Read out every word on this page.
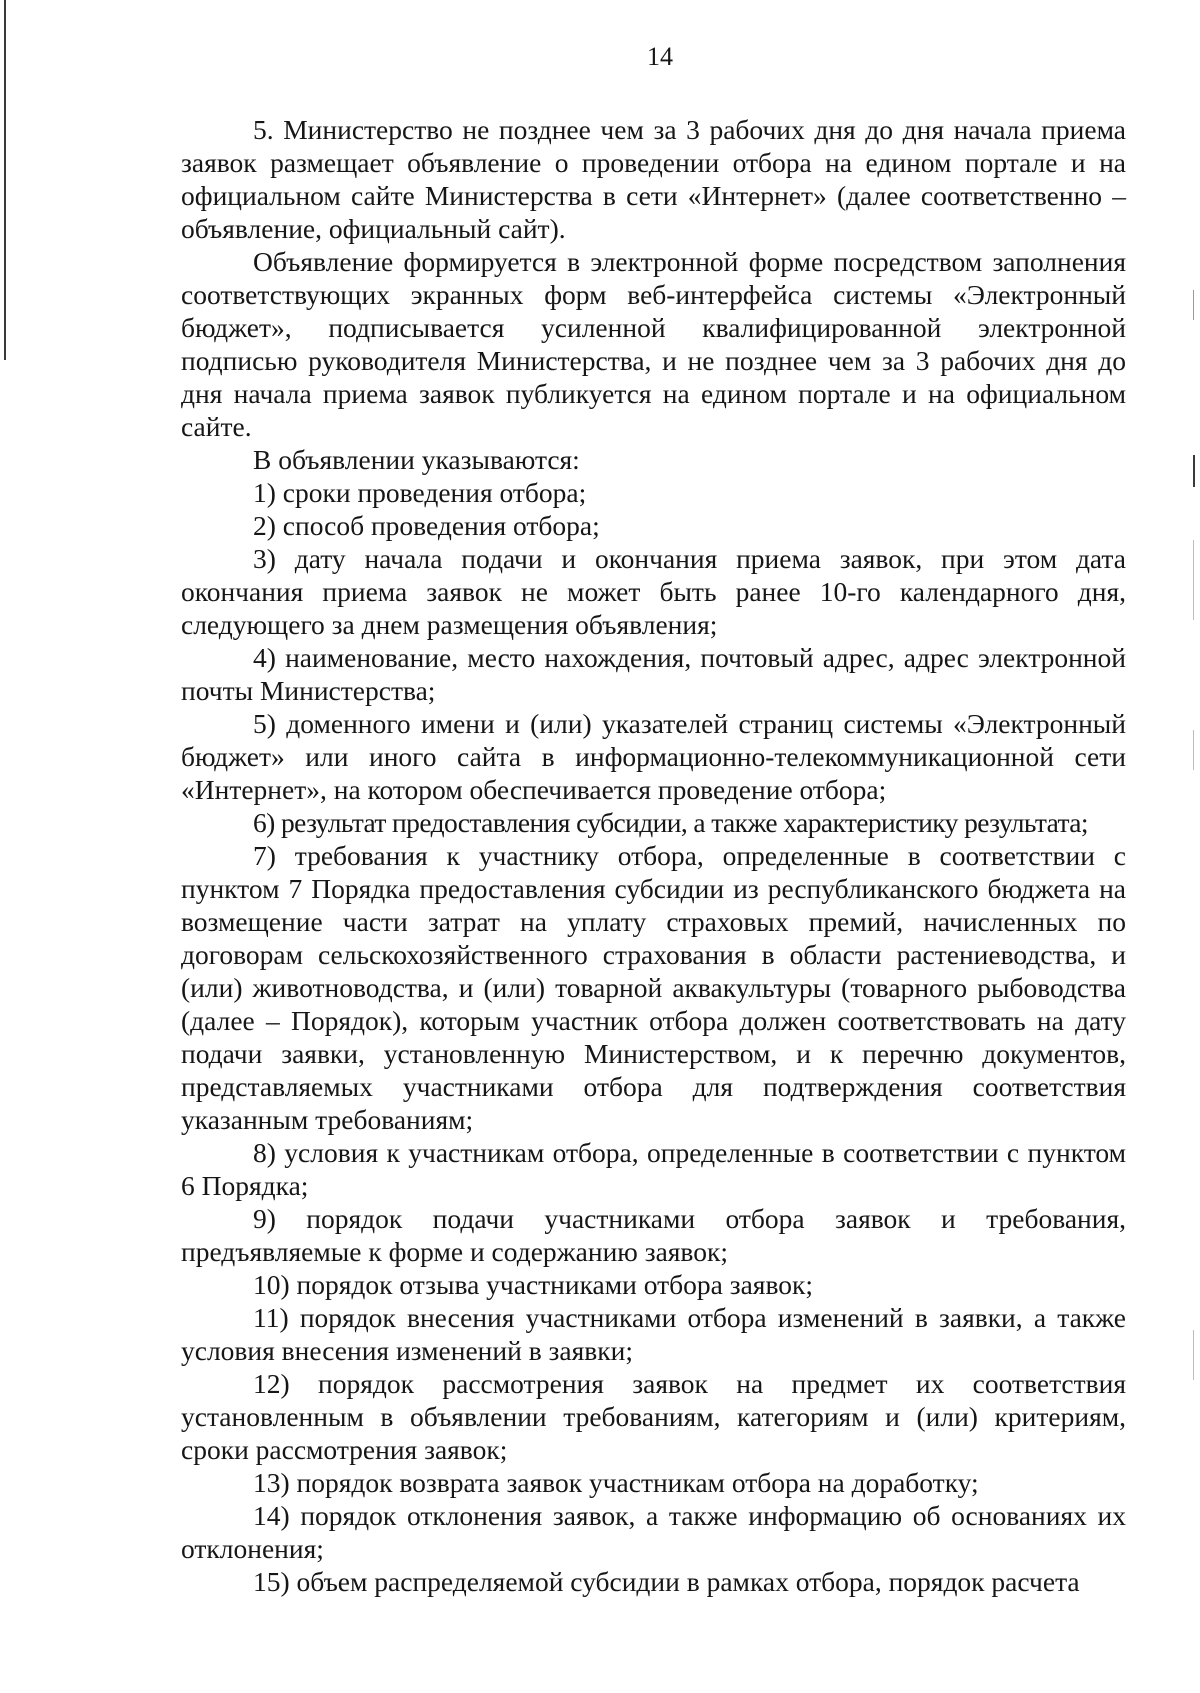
14

5. Министерство не позднее чем за 3 рабочих дня до дня начала приема заявок размещает объявление о проведении отбора на едином портале и на официальном сайте Министерства в сети «Интернет» (далее соответственно – объявление, официальный сайт).

Объявление формируется в электронной форме посредством заполнения соответствующих экранных форм веб-интерфейса системы «Электронный бюджет», подписывается усиленной квалифицированной электронной подписью руководителя Министерства, и не позднее чем за 3 рабочих дня до дня начала приема заявок публикуется на едином портале и на официальном сайте.

В объявлении указываются:

1) сроки проведения отбора;

2) способ проведения отбора;

3) дату начала подачи и окончания приема заявок, при этом дата окончания приема заявок не может быть ранее 10-го календарного дня, следующего за днем размещения объявления;

4) наименование, место нахождения, почтовый адрес, адрес электронной почты Министерства;

5) доменного имени и (или) указателей страниц системы «Электронный бюджет» или иного сайта в информационно-телекоммуникационной сети «Интернет», на котором обеспечивается проведение отбора;

6) результат предоставления субсидии, а также характеристику результата;

7) требования к участнику отбора, определенные в соответствии с пунктом 7 Порядка предоставления субсидии из республиканского бюджета на возмещение части затрат на уплату страховых премий, начисленных по договорам сельскохозяйственного страхования в области растениеводства, и (или) животноводства, и (или) товарной аквакультуры (товарного рыбоводства (далее – Порядок), которым участник отбора должен соответствовать на дату подачи заявки, установленную Министерством, и к перечню документов, представляемых участниками отбора для подтверждения соответствия указанным требованиям;

8) условия к участникам отбора, определенные в соответствии с пунктом 6 Порядка;

9) порядок подачи участниками отбора заявок и требования, предъявляемые к форме и содержанию заявок;

10) порядок отзыва участниками отбора заявок;

11) порядок внесения участниками отбора изменений в заявки, а также условия внесения изменений в заявки;

12) порядок рассмотрения заявок на предмет их соответствия установленным в объявлении требованиям, категориям и (или) критериям, сроки рассмотрения заявок;

13) порядок возврата заявок участникам отбора на доработку;

14) порядок отклонения заявок, а также информацию об основаниях их отклонения;

15) объем распределяемой субсидии в рамках отбора, порядок расчета
